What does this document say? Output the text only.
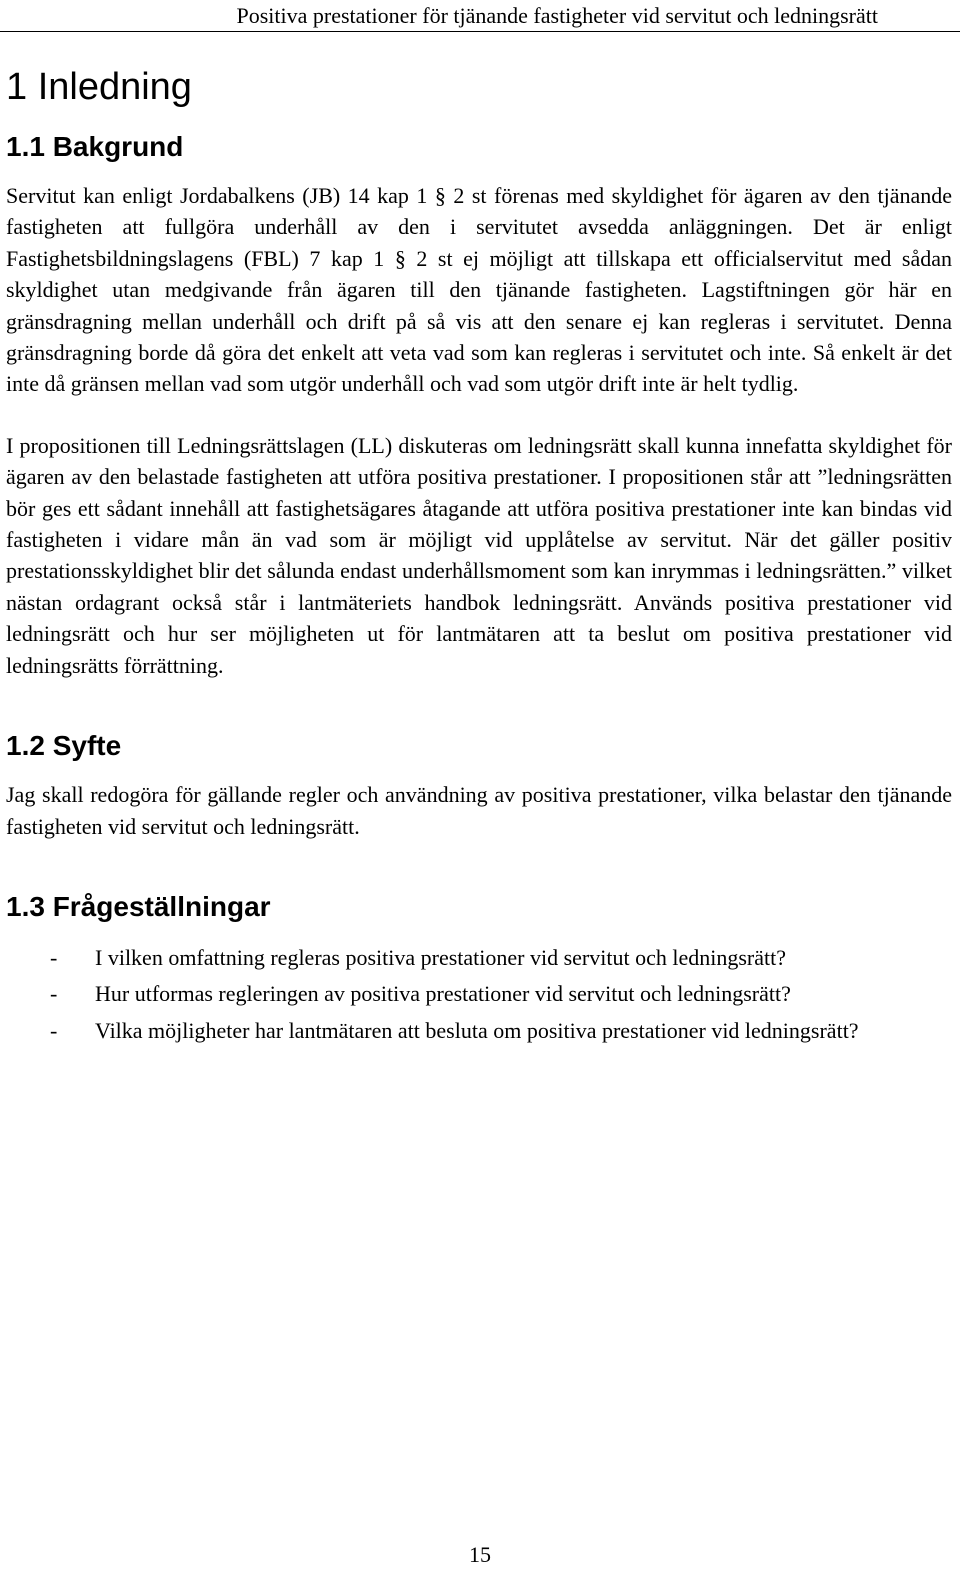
Positiva prestationer för tjänande fastigheter vid servitut och ledningsrätt
1 Inledning
1.1 Bakgrund

Servitut kan enligt Jordabalkens (JB) 14 kap 1 § 2 st förenas med skyldighet för ägaren av den tjänande fastigheten att fullgöra underhåll av den i servitutet avsedda anläggningen. Det är enligt Fastighetsbildningslagens (FBL) 7 kap 1 § 2 st ej möjligt att tillskapa ett officialservitut med sådan skyldighet utan medgivande från ägaren till den tjänande fastigheten. Lagstiftningen gör här en gränsdragning mellan underhåll och drift på så vis att den senare ej kan regleras i servitutet. Denna gränsdragning borde då göra det enkelt att veta vad som kan regleras i servitutet och inte. Så enkelt är det inte då gränsen mellan vad som utgör underhåll och vad som utgör drift inte är helt tydlig.

I propositionen till Ledningsrättslagen (LL) diskuteras om ledningsrätt skall kunna innefatta skyldighet för ägaren av den belastade fastigheten att utföra positiva prestationer. I propositionen står att ”ledningsrätten bör ges ett sådant innehåll att fastighetsägares åtagande att utföra positiva prestationer inte kan bindas vid fastigheten i vidare mån än vad som är möjligt vid upplåtelse av servitut. När det gäller positiv prestationsskyldighet blir det sålunda endast underhållsmoment som kan inrymmas i ledningsrätten.” vilket nästan ordagrant också står i lantmäteriets handbok ledningsrätt. Används positiva prestationer vid ledningsrätt och hur ser möjligheten ut för lantmätaren att ta beslut om positiva prestationer vid ledningsrätts förrättning.

1.2 Syfte

Jag skall redogöra för gällande regler och användning av positiva prestationer, vilka belastar den tjänande fastigheten vid servitut och ledningsrätt.

1.3 Frågeställningar
- I vilken omfattning regleras positiva prestationer vid servitut och ledningsrätt?
- Hur utformas regleringen av positiva prestationer vid servitut och ledningsrätt?
- Vilka möjligheter har lantmätaren att besluta om positiva prestationer vid ledningsrätt?
15
